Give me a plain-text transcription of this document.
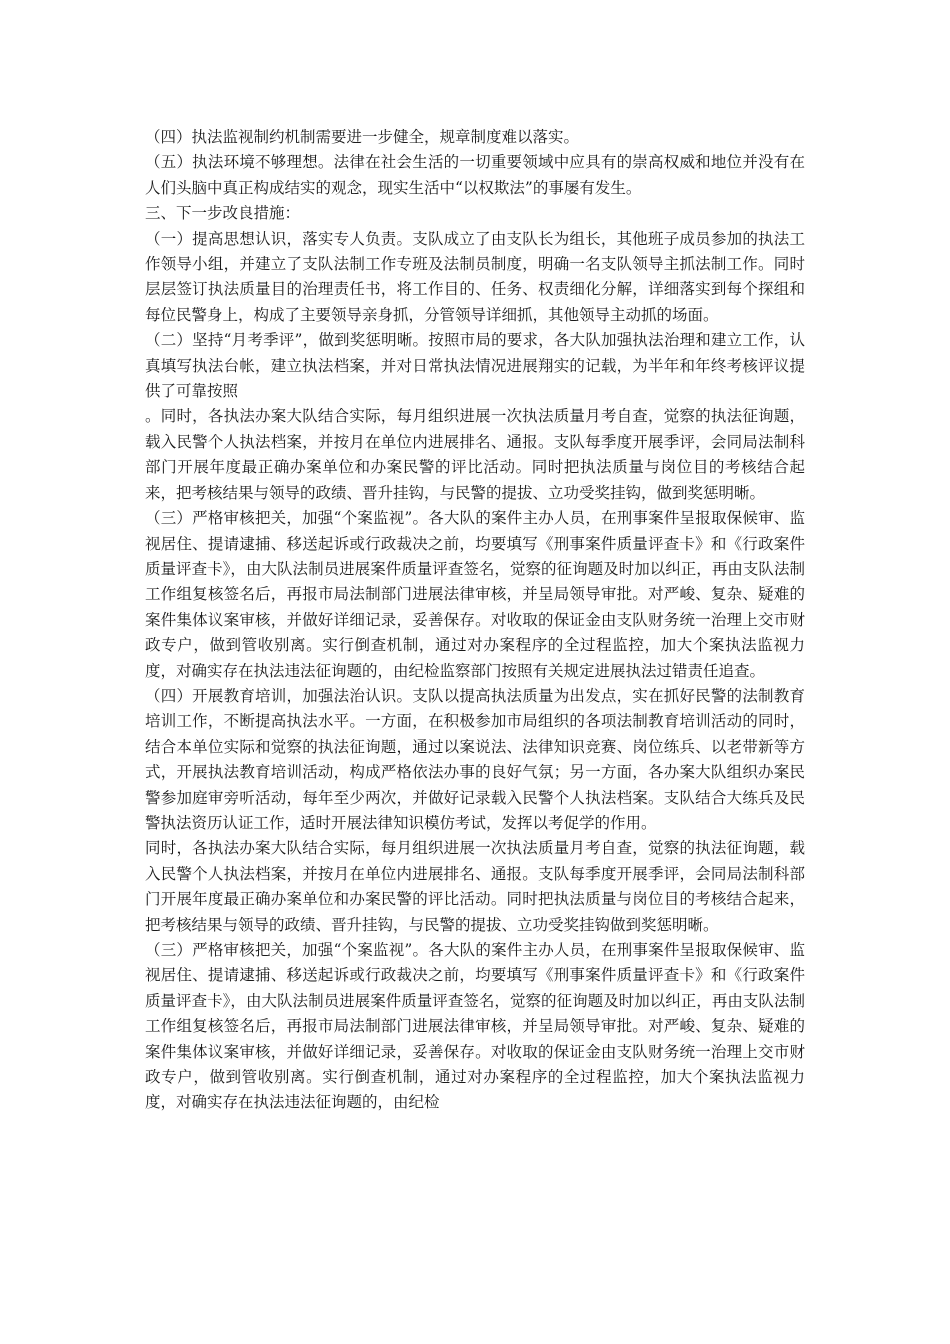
（四）执法监视制约机制需要进一步健全，规章制度难以落实。

（五）执法环境不够理想。法律在社会生活的一切重要领域中应具有的崇高权威和地位并没有在人们头脑中真正构成结实的观念，现实生活中“以权欺法”的事屡有发生。

三、下一步改良措施：

（一）提高思想认识，落实专人负责。支队成立了由支队长为组长，其他班子成员参加的执法工作领导小组，并建立了支队法制工作专班及法制员制度，明确一名支队领导主抓法制工作。同时层层签订执法质量目的治理责任书，将工作目的、任务、权责细化分解，详细落实到每个探组和每位民警身上，构成了主要领导亲身抓，分管领导详细抓，其他领导主动抓的场面。

（二）坚持“月考季评”，做到奖惩明晰。按照市局的要求，各大队加强执法治理和建立工作，认真填写执法台帐，建立执法档案，并对日常执法情况进展翔实的记载，为半年和年终考核评议提供了可靠按照

。同时，各执法办案大队结合实际，每月组织进展一次执法质量月考自查，觉察的执法征询题，载入民警个人执法档案，并按月在单位内进展排名、通报。支队每季度开展季评，会同局法制科部门开展年度最正确办案单位和办案民警的评比活动。同时把执法质量与岗位目的考核结合起来，把考核结果与领导的政绩、晋升挂钩，与民警的提拔、立功受奖挂钩，做到奖惩明晰。

（三）严格审核把关，加强“个案监视”。各大队的案件主办人员，在刑事案件呈报取保候审、监视居住、提请逮捕、移送起诉或行政裁决之前，均要填写《刑事案件质量评查卡》和《行政案件质量评查卡》，由大队法制员进展案件质量评查签名，觉察的征询题及时加以纠正，再由支队法制工作组复核签名后，再报市局法制部门进展法律审核，并呈局领导审批。对严峻、复杂、疑难的案件集体议案审核，并做好详细记录，妥善保存。对收取的保证金由支队财务统一治理上交市财政专户，做到管收别离。实行倒查机制，通过对办案程序的全过程监控，加大个案执法监视力度，对确实存在执法违法征询题的，由纪检监察部门按照有关规定进展执法过错责任追查。

（四）开展教育培训，加强法治认识。支队以提高执法质量为出发点，实在抓好民警的法制教育培训工作，不断提高执法水平。一方面，在积极参加市局组织的各项法制教育培训活动的同时，结合本单位实际和觉察的执法征询题，通过以案说法、法律知识竞赛、岗位练兵、以老带新等方式，开展执法教育培训活动，构成严格依法办事的良好气氛；另一方面，各办案大队组织办案民警参加庭审旁听活动，每年至少两次，并做好记录载入民警个人执法档案。支队结合大练兵及民警执法资历认证工作，适时开展法律知识模仿考试，发挥以考促学的作用。

同时，各执法办案大队结合实际，每月组织进展一次执法质量月考自查，觉察的执法征询题，载入民警个人执法档案，并按月在单位内进展排名、通报。支队每季度开展季评，会同局法制科部门开展年度最正确办案单位和办案民警的评比活动。同时把执法质量与岗位目的考核结合起来，把考核结果与领导的政绩、晋升挂钩，与民警的提拔、立功受奖挂钩做到奖惩明晰。

（三）严格审核把关，加强“个案监视”。各大队的案件主办人员，在刑事案件呈报取保候审、监视居住、提请逮捕、移送起诉或行政裁决之前，均要填写《刑事案件质量评查卡》和《行政案件质量评查卡》，由大队法制员进展案件质量评查签名，觉察的征询题及时加以纠正，再由支队法制工作组复核签名后，再报市局法制部门进展法律审核，并呈局领导审批。对严峻、复杂、疑难的案件集体议案审核，并做好详细记录，妥善保存。对收取的保证金由支队财务统一治理上交市财政专户，做到管收别离。实行倒查机制，通过对办案程序的全过程监控，加大个案执法监视力度，对确实存在执法违法征询题的，由纪检
